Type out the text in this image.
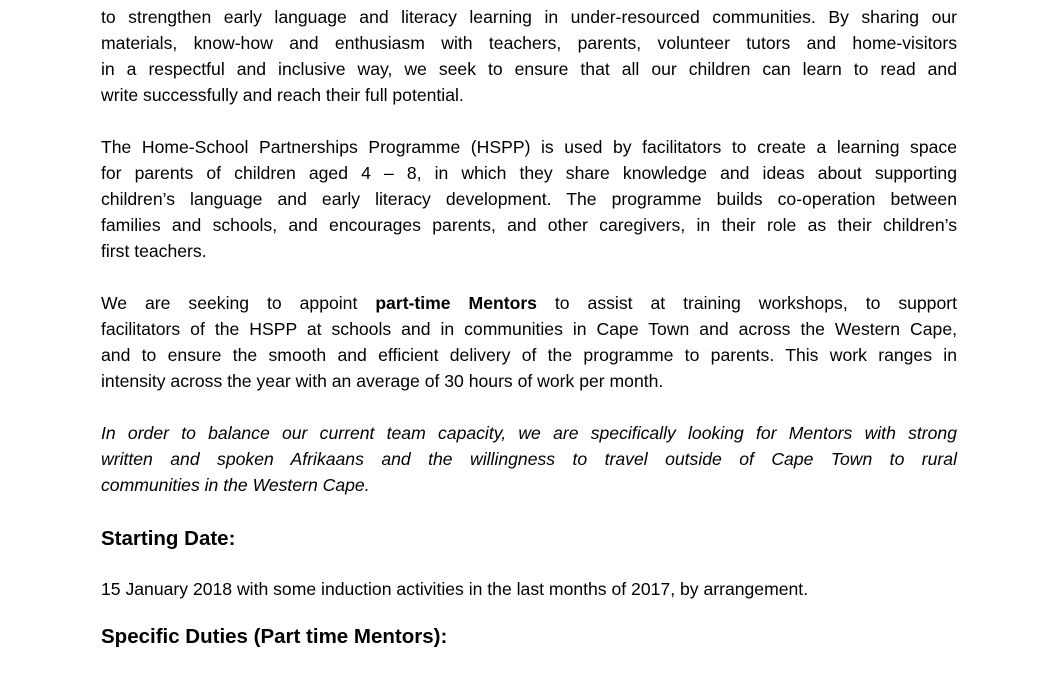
to strengthen early language and literacy learning in under-resourced communities. By sharing our
materials, know-how and enthusiasm with teachers, parents, volunteer tutors and home-visitors
in a respectful and inclusive way, we seek to ensure that all our children can learn to read and
write successfully and reach their full potential.
The Home-School Partnerships Programme (HSPP) is used by facilitators to create a learning space
for parents of children aged 4 – 8, in which they share knowledge and ideas about supporting
children’s language and early literacy development. The programme builds co-operation between
families and schools, and encourages parents, and other caregivers, in their role as their children’s
first teachers.
We are seeking to appoint part-time Mentors to assist at training workshops, to support
facilitators of the HSPP at schools and in communities in Cape Town and across the Western Cape,
and to ensure the smooth and efficient delivery of the programme to parents. This work ranges in
intensity across the year with an average of 30 hours of work per month.
In order to balance our current team capacity, we are specifically looking for Mentors with strong
written and spoken Afrikaans and the willingness to travel outside of Cape Town to rural
communities in the Western Cape.
Starting Date:
15 January 2018 with some induction activities in the last months of 2017, by arrangement.
Specific Duties (Part time Mentors):
